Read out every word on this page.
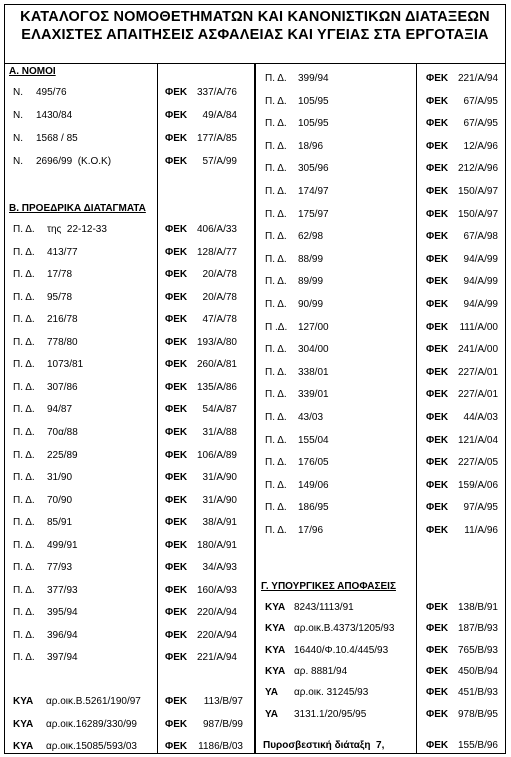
ΚΑΤΑΛΟΓΟΣ ΝΟΜΟΘΕΤΗΜΑΤΩΝ ΚΑΙ ΚΑΝΟΝΙΣΤΙΚΩΝ ΔΙΑΤΑΞΕΩΝ
ΕΛΑΧΙΣΤΕΣ ΑΠΑΙΤΗΣΕΙΣ ΑΣΦΑΛΕΙΑΣ ΚΑΙ ΥΓΕΙΑΣ ΣΤΑ ΕΡΓΟΤΑΞΙΑ
Α. ΝΟΜΟΙ
Β. ΠΡΟΕΔΡΙΚΑ ΔΙΑΤΑΓΜΑΤΑ
Γ. ΥΠΟΥΡΓΙΚΕΣ ΑΠΟΦΑΣΕΙΣ
Ν. 495/76	ΦΕΚ 337/Α/76
Ν. 1430/84	ΦΕΚ	49/Α/84
Ν. 1568 / 85	ΦΕΚ 177/Α/85
Ν. 2696/99  (Κ.Ο.Κ)	ΦΕΚ	57/Α/99
Π. Δ. της  22-12-33	ΦΕΚ 406/Α/33
Π. Δ. 413/77	ΦΕΚ 128/Α/77
Π. Δ. 17/78	ΦΕΚ	20/Α/78
Π. Δ. 95/78	ΦΕΚ	20/Α/78
Π. Δ. 216/78	ΦΕΚ	47/Α/78
Π. Δ. 778/80	ΦΕΚ 193/Α/80
Π. Δ. 1073/81	ΦΕΚ 260/Α/81
Π. Δ. 307/86	ΦΕΚ 135/Α/86
Π. Δ. 94/87	ΦΕΚ	54/Α/87
Π. Δ. 70α/88	ΦΕΚ	31/Α/88
Π. Δ. 225/89	ΦΕΚ 106/Α/89
Π. Δ. 31/90	ΦΕΚ	31/Α/90
Π. Δ. 70/90	ΦΕΚ	31/Α/90
Π. Δ. 85/91	ΦΕΚ	38/Α/91
Π. Δ. 499/91	ΦΕΚ 180/Α/91
Π. Δ. 77/93	ΦΕΚ	34/Α/93
Π. Δ. 377/93	ΦΕΚ 160/Α/93
Π. Δ. 395/94	ΦΕΚ 220/Α/94
Π. Δ. 396/94	ΦΕΚ 220/Α/94
Π. Δ. 397/94	ΦΕΚ 221/Α/94
ΚΥΑ αρ.οικ.Β.5261/190/97 ΦΕΚ	113/Β/97
ΚΥΑ αρ.οικ.16289/330/99	ΦΕΚ	987/Β/99
ΚΥΑ αρ.οικ.15085/593/03	ΦΕΚ	1186/Β/03
Π. Δ. 399/94	ΦΕΚ 221/Α/94
Π. Δ. 105/95	ΦΕΚ	67/Α/95
Π. Δ. 105/95	ΦΕΚ	67/Α/95
Π. Δ. 18/96	ΦΕΚ	12/Α/96
Π. Δ. 305/96	ΦΕΚ 212/Α/96
Π. Δ. 174/97	ΦΕΚ 150/Α/97
Π. Δ. 175/97	ΦΕΚ 150/Α/97
Π. Δ. 62/98	ΦΕΚ	67/Α/98
Π. Δ. 88/99	ΦΕΚ	94/Α/99
Π. Δ. 89/99	ΦΕΚ	94/Α/99
Π. Δ. 90/99	ΦΕΚ	94/Α/99
Π .Δ. 127/00	ΦΕΚ 111/Α/00
Π. Δ. 304/00	ΦΕΚ 241/Α/00
Π. Δ. 338/01	ΦΕΚ 227/Α/01
Π. Δ. 339/01	ΦΕΚ 227/Α/01
Π. Δ. 43/03	ΦΕΚ	44/Α/03
Π. Δ. 155/04	ΦΕΚ 121/Α/04
Π. Δ. 176/05	ΦΕΚ 227/Α/05
Π. Δ. 149/06	ΦΕΚ 159/Α/06
Π. Δ. 186/95	ΦΕΚ	97/Α/95
Π. Δ. 17/96	ΦΕΚ	11/Α/96
ΚΥΑ 8243/1113/91	ΦΕΚ 138/Β/91
ΚΥΑ αρ.οικ.Β.4373/1205/93	ΦΕΚ 187/Β/93
ΚΥΑ 16440/Φ.10.4/445/93	ΦΕΚ 765/Β/93
ΚΥΑ αρ. 8881/94	ΦΕΚ 450/Β/94
ΥΑ αρ.οικ. 31245/93	ΦΕΚ 451/Β/93
ΥΑ 3131.1/20/95/95	ΦΕΚ 978/Β/95
Πυροσβεστική διάταξη  7,	ΦΕΚ 155/Β/96
